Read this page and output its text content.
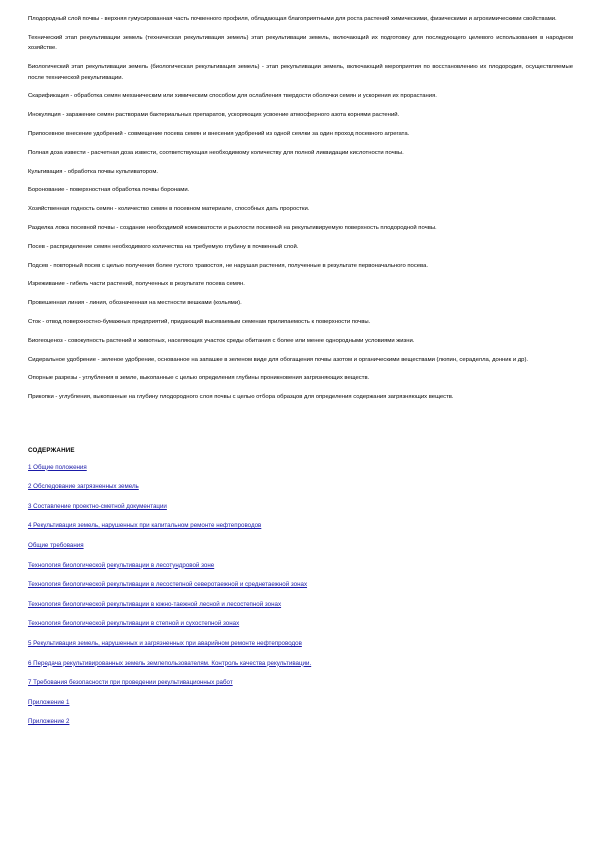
Плодородный слой почвы - верхняя гумусированная часть почвенного профиля, обладающая благоприятными для роста растений химическими, физическими и агрохимическими свойствами.

Технический этап рекультивации земель (техническая рекультивация земель) этап рекультивации земель, включающий их подготовку для последующего целевого использования в народном хозяйстве.

Биологический этап рекультивации земель (биологическая рекультивация земель) - этап рекультивации земель, включающий мероприятия по восстановлению их плодородия, осуществляемые после технической рекультивации.

Скарификация - обработка семян механическим или химическим способом для ослабления твердости оболочки семян и ускорения их прорастания.

Инокуляция - заражение семян растворами бактериальных препаратов, ускоряющих усвоение атмосферного азота корнями растений.

Припосевное внесение удобрений - совмещение посева семян и внесения удобрений из одной сеялки за один проход посевного агрегата.

Полная доза извести - расчетная доза извести, соответствующая необходимому количеству для полной ликвидации кислотности почвы.

Культивация - обработка почвы культиватором.

Боронование - поверхностная обработка почвы боронами.

Хозяйственная годность семян - количество семян в посевном материале, способных дать проростки.

Разделка ложа посевной почвы - создание необходимой комковатости и рыхлости посевной на рекультивируемую поверхность плодородной почвы.

Посев - распределение семян необходимого количества на требуемую глубину в почвенный слой.

Подсев - повторный посев с целью получения более густого травостоя, не нарушая растения, полученные в результате первоначального посева.

Изреживание - гибель части растений, полученных в результате посева семян.

Провешенная линия - линия, обозначенная на местности вешками (кольями).

Сток - отвод поверхностно-бумажных предприятий, придающий высеваемым семенам прилипаемость к поверхности почвы.

Биогеоценоз - совокупность растений и животных, населяющих участок среды обитания с более или менее однородными условиями жизни.

Сидеральное удобрение - зеленое удобрение, основанное на запашке в зеленом виде для обогащения почвы азотом и органическими веществами (люпин, сераделла, донник и др).

Опорные разрезы - углубления в земле, выкопанные с целью определения глубины проникновения загрязняющих веществ.

Прикопки - углубления, выкопанные на глубину плодородного слоя почвы с целью отбора образцов для определения содержания загрязняющих веществ.

СОДЕРЖАНИЕ
1 Общие положения
2 Обследование загрязненных земель
3 Составление проектно-сметной документации
4 Рекультивация земель, нарушенных при капитальном ремонте нефтепроводов
Общие требования
Технология биологической рекультивации в лесотундровой зоне
Технология биологической рекультивации в лесостепной северотаежной и среднетаежной зонах
Технология биологической рекультивации в южно-таежной лесной и лесостепной зонах
Технология биологической рекультивации в степной и сухостепной зонах
5 Рекультивация земель, нарушенных и загрязненных при аварийном ремонте нефтепроводов
6 Передача рекультивированных земель землепользователям. Контроль качества рекультивации.
7 Требования безопасности при проведении рекультивационных работ
Приложение 1
Приложение 2
